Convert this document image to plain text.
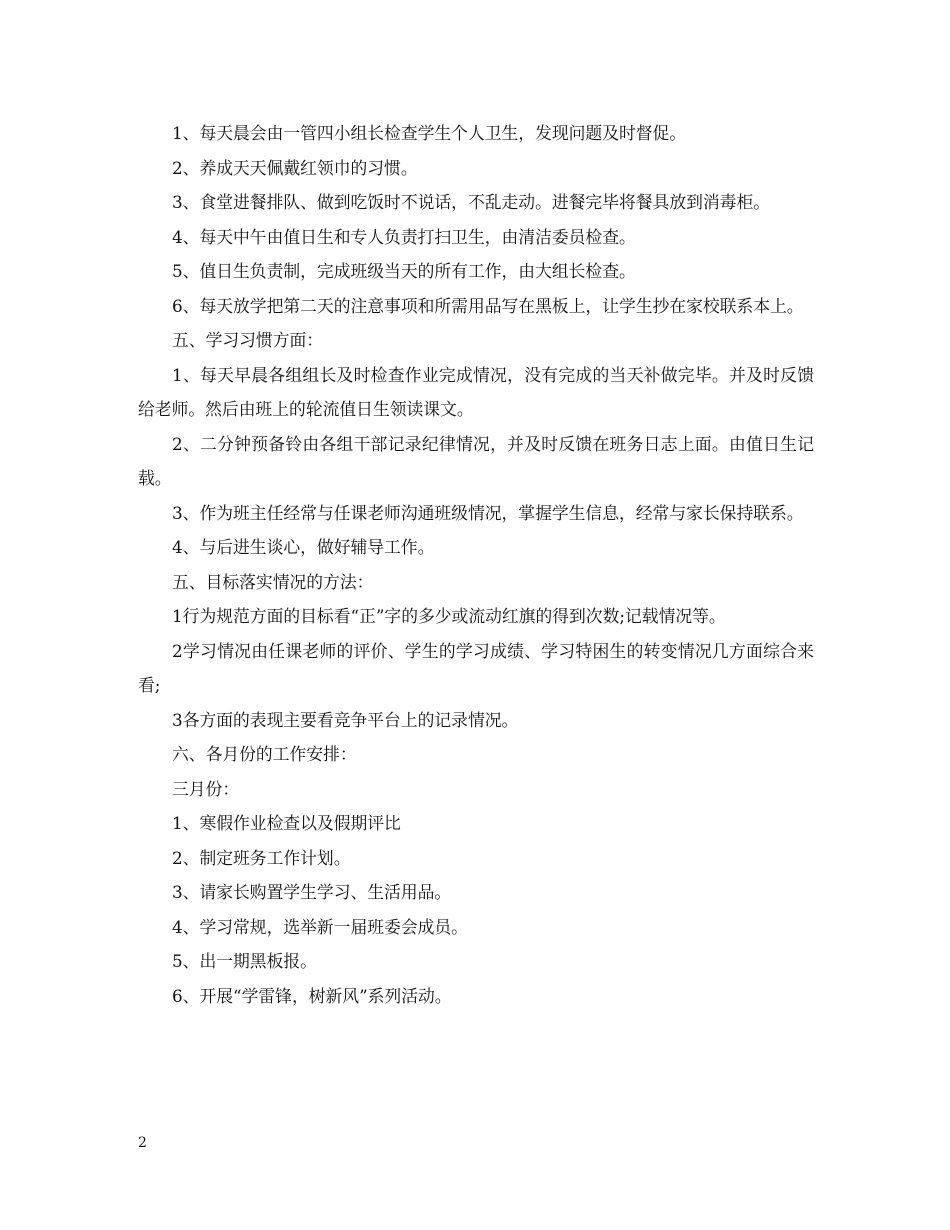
1、每天晨会由一管四小组长检查学生个人卫生，发现问题及时督促。

2、养成天天佩戴红领巾的习惯。

3、食堂进餐排队、做到吃饭时不说话，不乱走动。进餐完毕将餐具放到消毒柜。

4、每天中午由值日生和专人负责打扫卫生，由清洁委员检查。

5、值日生负责制，完成班级当天的所有工作，由大组长检查。

6、每天放学把第二天的注意事项和所需用品写在黑板上，让学生抄在家校联系本上。

五、学习习惯方面：

1、每天早晨各组组长及时检查作业完成情况，没有完成的当天补做完毕。并及时反馈给老师。然后由班上的轮流值日生领读课文。

2、二分钟预备铃由各组干部记录纪律情况，并及时反馈在班务日志上面。由值日生记载。

3、作为班主任经常与任课老师沟通班级情况，掌握学生信息，经常与家长保持联系。

4、与后进生谈心，做好辅导工作。

五、目标落实情况的方法：

1行为规范方面的目标看“正”字的多少或流动红旗的得到次数;记载情况等。

2学习情况由任课老师的评价、学生的学习成绩、学习特困生的转变情况几方面综合来看;

3各方面的表现主要看竞争平台上的记录情况。

六、各月份的工作安排：

三月份：

1、寒假作业检查以及假期评比

2、制定班务工作计划。

3、请家长购置学生学习、生活用品。

4、学习常规，选举新一届班委会成员。

5、出一期黑板报。

6、开展“学雷锋，树新风”系列活动。

2
